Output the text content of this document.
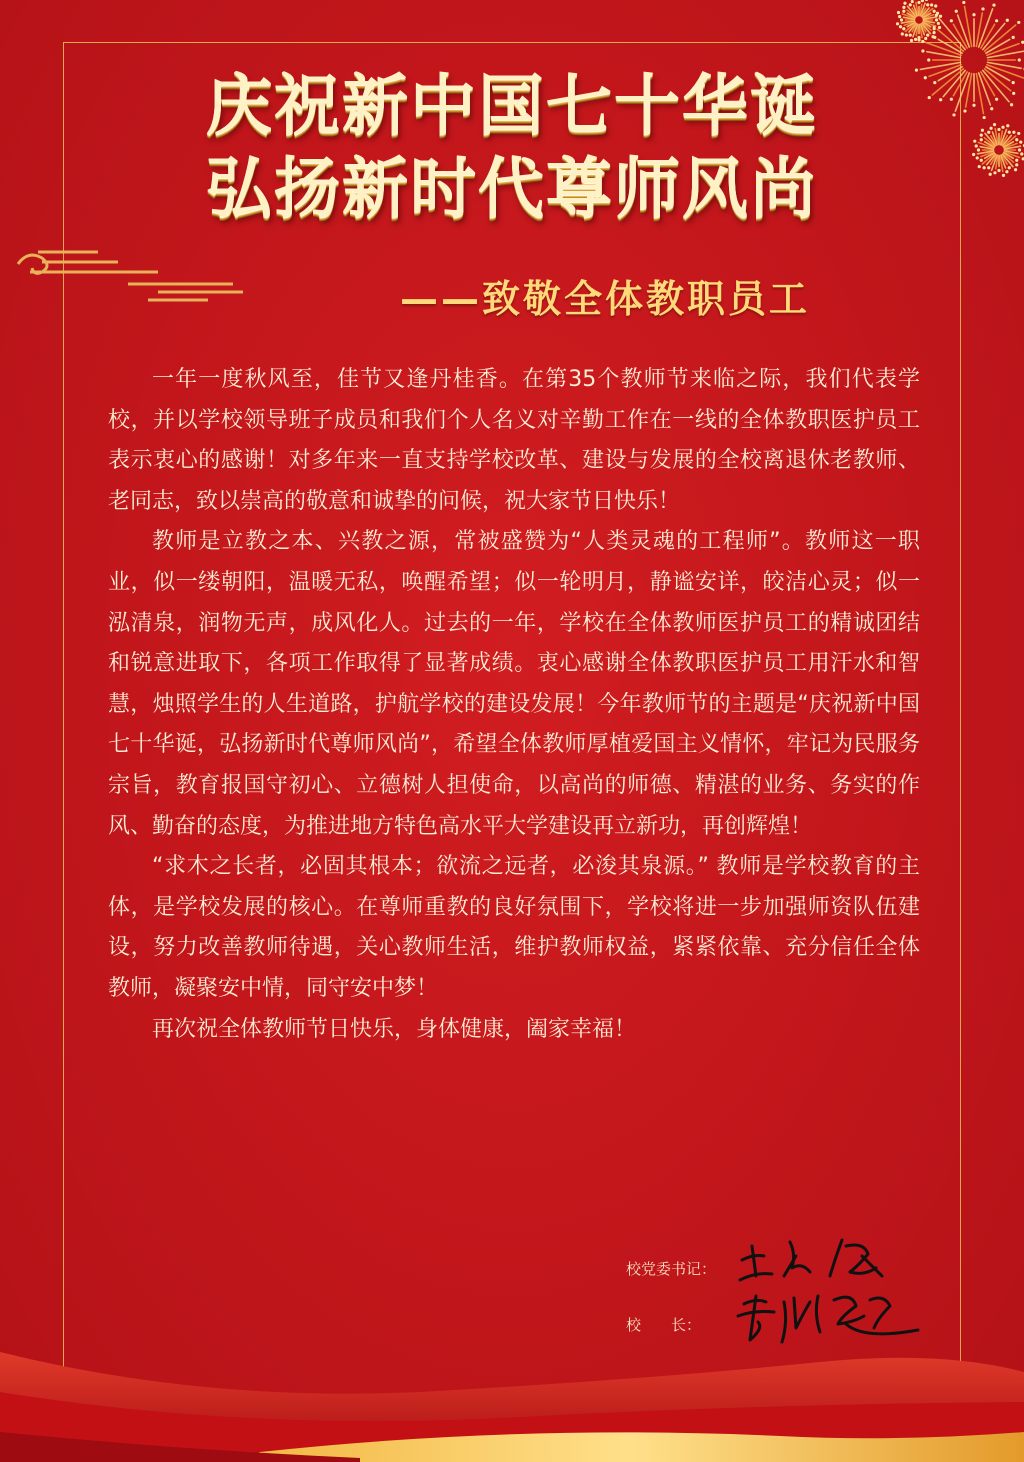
庆祝新中国七十华诞
弘扬新时代尊师风尚
——致敬全体教职员工

一年一度秋风至，佳节又逢丹桂香。在第35个教师节来临之际，我们代表学校，并以学校领导班子成员和我们个人名义对辛勤工作在一线的全体教职医护员工表示衷心的感谢！对多年来一直支持学校改革、建设与发展的全校离退休老教师、老同志，致以崇高的敬意和诚挚的问候，祝大家节日快乐！

教师是立教之本、兴教之源，常被盛赞为“人类灵魂的工程师”。教师这一职业，似一缕朝阳，温暖无私，唤醒希望；似一轮明月，静谧安详，皎洁心灵；似一泓清泉，润物无声，成风化人。过去的一年，学校在全体教师医护员工的精诚团结和锐意进取下，各项工作取得了显著成绩。衷心感谢全体教职医护员工用汗水和智慧，烛照学生的人生道路，护航学校的建设发展！今年教师节的主题是“庆祝新中国七十华诞，弘扬新时代尊师风尚”，希望全体教师厚植爱国主义情怀，牢记为民服务宗旨，教育报国守初心、立德树人担使命，以高尚的师德、精湛的业务、务实的作风、勤奋的态度，为推进地方特色高水平大学建设再立新功，再创辉煌！

“求木之长者，必固其根本；欲流之远者，必浚其泉源。” 教师是学校教育的主体，是学校发展的核心。在尊师重教的良好氛围下，学校将进一步加强师资队伍建设，努力改善教师待遇，关心教师生活，维护教师权益，紧紧依靠、充分信任全体教师，凝聚安中情，同守安中梦！

再次祝全体教师节日快乐，身体健康，阖家幸福！

校党委书记：
校　　长：
